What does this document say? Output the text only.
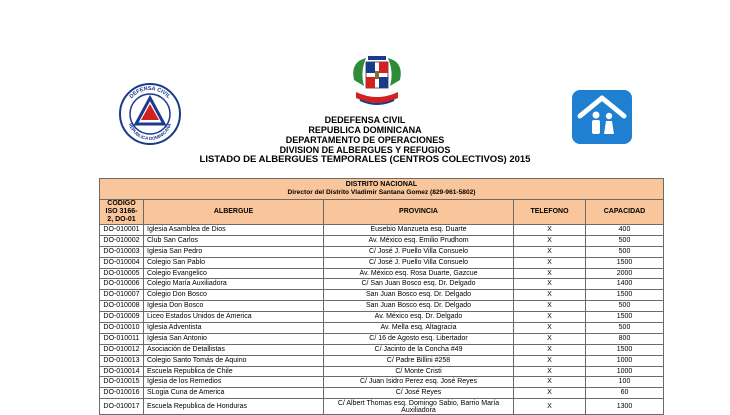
DEFENSA CIVIL
REPUBLICA DOMINICANA	DEDEFENSA CIVIL
REPUBLICA DOMINICANA
DEPARTAMENTO DE OPERACIONES
DIVISION DE ALBERGUES Y REFUGIOS
LISTADO DE ALBERGUES TEMPORALES (CENTROS COLECTIVOS) 2015
DISTRITO NACIONAL
Director del Distrito Vladimir Santana Gomez (829-961-5802)				

CODIGO ISO 3166-2, DO-01	ALBERGUE	PROVINCIA	TELEFONO	CAPACIDAD
DO-010001	Iglesia Asamblea de Dios	Eusebio Manzueta esq. Duarte	X	400
DO-010002	Club San Carlos	Av. México esq. Emilio Prudhom	X	500
DO-010003	Iglesia San Pedro	C/ José J. Puello Villa Consuelo	X	500
DO-010004	Colegio San Pablo	C/ José J. Puello Villa Consuelo	X	1500
DO-010005	Colegio Evangelico	Av. México esq. Rosa Duarte, Gazcue	X	2000
DO-010006	Colegio María Auxiliadora	C/ San Juan Bosco esq. Dr. Delgado	X	1400
DO-010007	Colegio Don Bosco	San Juan Bosco esq. Dr. Delgado	X	1500
DO-010008	Iglesia Don Bosco	San Juan Bosco esq. Dr. Delgado	X	500
DO-010009	Liceo Estados Unidos de America	Av. México esq. Dr. Delgado	X	1500
DO-010010	Iglesia Adventista	Av. Mella esq. Altagracia	X	500
DO-010011	Iglesia San Antonio	C/ 16 de Agosto esq. Libertador	X	800
DO-010012	Asociación de Detallistas	C/ Jacinto de la Concha #49	X	1500
DO-010013	Colegio Santo Tomás de Aquino	C/ Padre Billini #258	X	1000
DO-010014	Escuela Republica de Chile	C/ Monte Cristi	X	1000
DO-010015	Iglesia de los Remedios	C/ Juan Isidro Perez esq. José Reyes	X	100
DO-010016	SLogia Cuna de America	C/ José Reyes	X	60
DO-010017	Escuela Republica de Honduras	C/ Albert Thomas esq. Domingo Sabio, Barrio María Auxiliadora	X	1300
